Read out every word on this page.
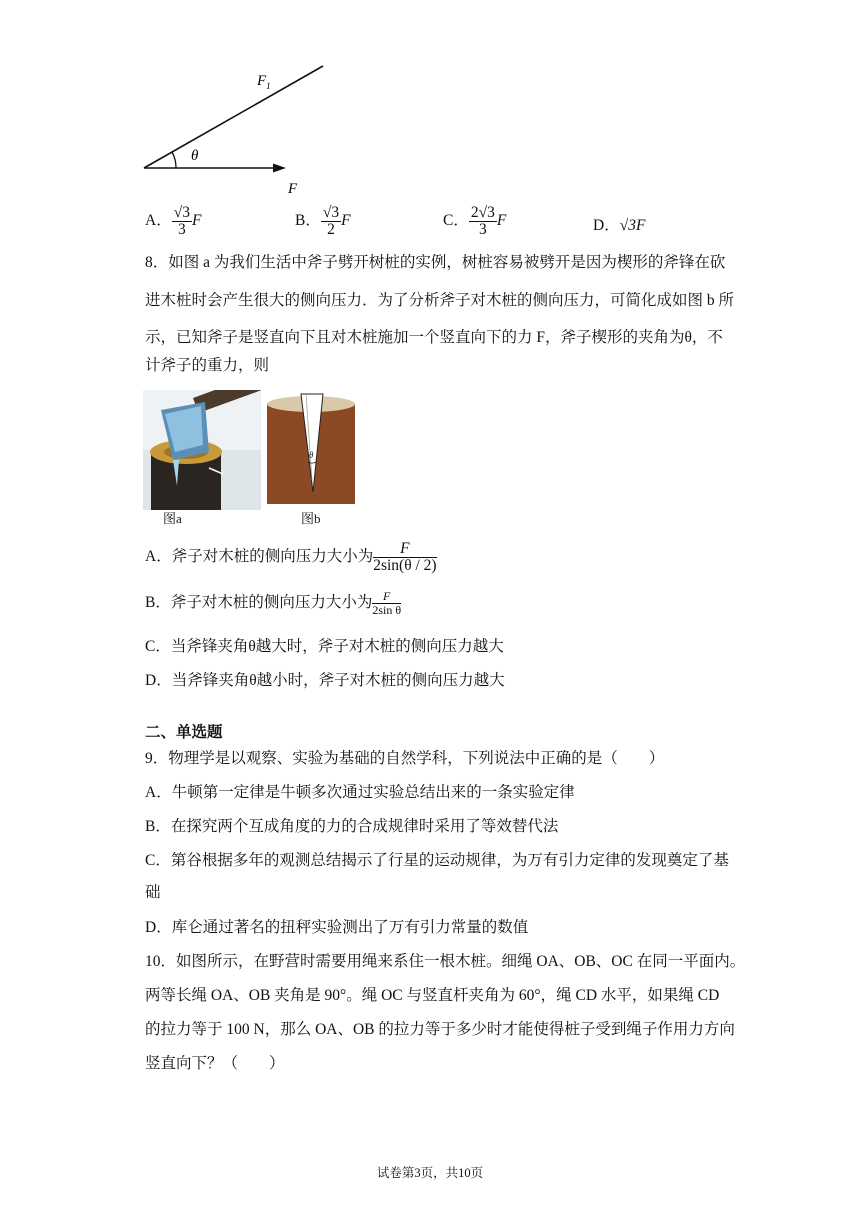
$F_1$
θ
F
A． $\frac{√3}{3}$ F	B． $\frac{√3}{2}$ F	C． $\frac{2√3}{3}$ F	D．√3F
8．如图 a 为我们生活中斧子劈开树桩的实例，树桩容易被劈开是因为楔形的斧锋在砍
进木桩时会产生很大的侧向压力．为了分析斧子对木桩的侧向压力，可简化成如图 b 所
示，已知斧子是竖直向下且对木桩施加一个竖直向下的力 F，斧子楔形的夹角为θ，不
计斧子的重力，则
图a
θ
图b
A．斧子对木桩的侧向压力大小为 $\frac{F}{2\sin(\theta / 2)}$
B．斧子对木桩的侧向压力大小为 $\frac{F}{\text{2sin θ}}$
C．当斧锋夹角θ越大时，斧子对木桩的侧向压力越大
D．当斧锋夹角θ越小时，斧子对木桩的侧向压力越大
二、单选题
9．物理学是以观察、实验为基础的自然学科，下列说法中正确的是（　　）
A．牛顿第一定律是牛顿多次通过实验总结出来的一条实验定律
B．在探究两个互成角度的力的合成规律时采用了等效替代法
C．第谷根据多年的观测总结揭示了行星的运动规律，为万有引力定律的发现奠定了基
础
D．库仑通过著名的扭秤实验测出了万有引力常量的数值
10．如图所示，在野营时需要用绳来系住一根木桩。细绳 OA、OB、OC 在同一平面内。
两等长绳 OA、OB 夹角是 90°。绳 OC 与竖直杆夹角为 60°，绳 CD 水平，如果绳 CD
的拉力等于 100 N，那么 OA、OB 的拉力等于多少时才能使得桩子受到绳子作用力方向
竖直向下？（　　）
试卷第3页，共10页
